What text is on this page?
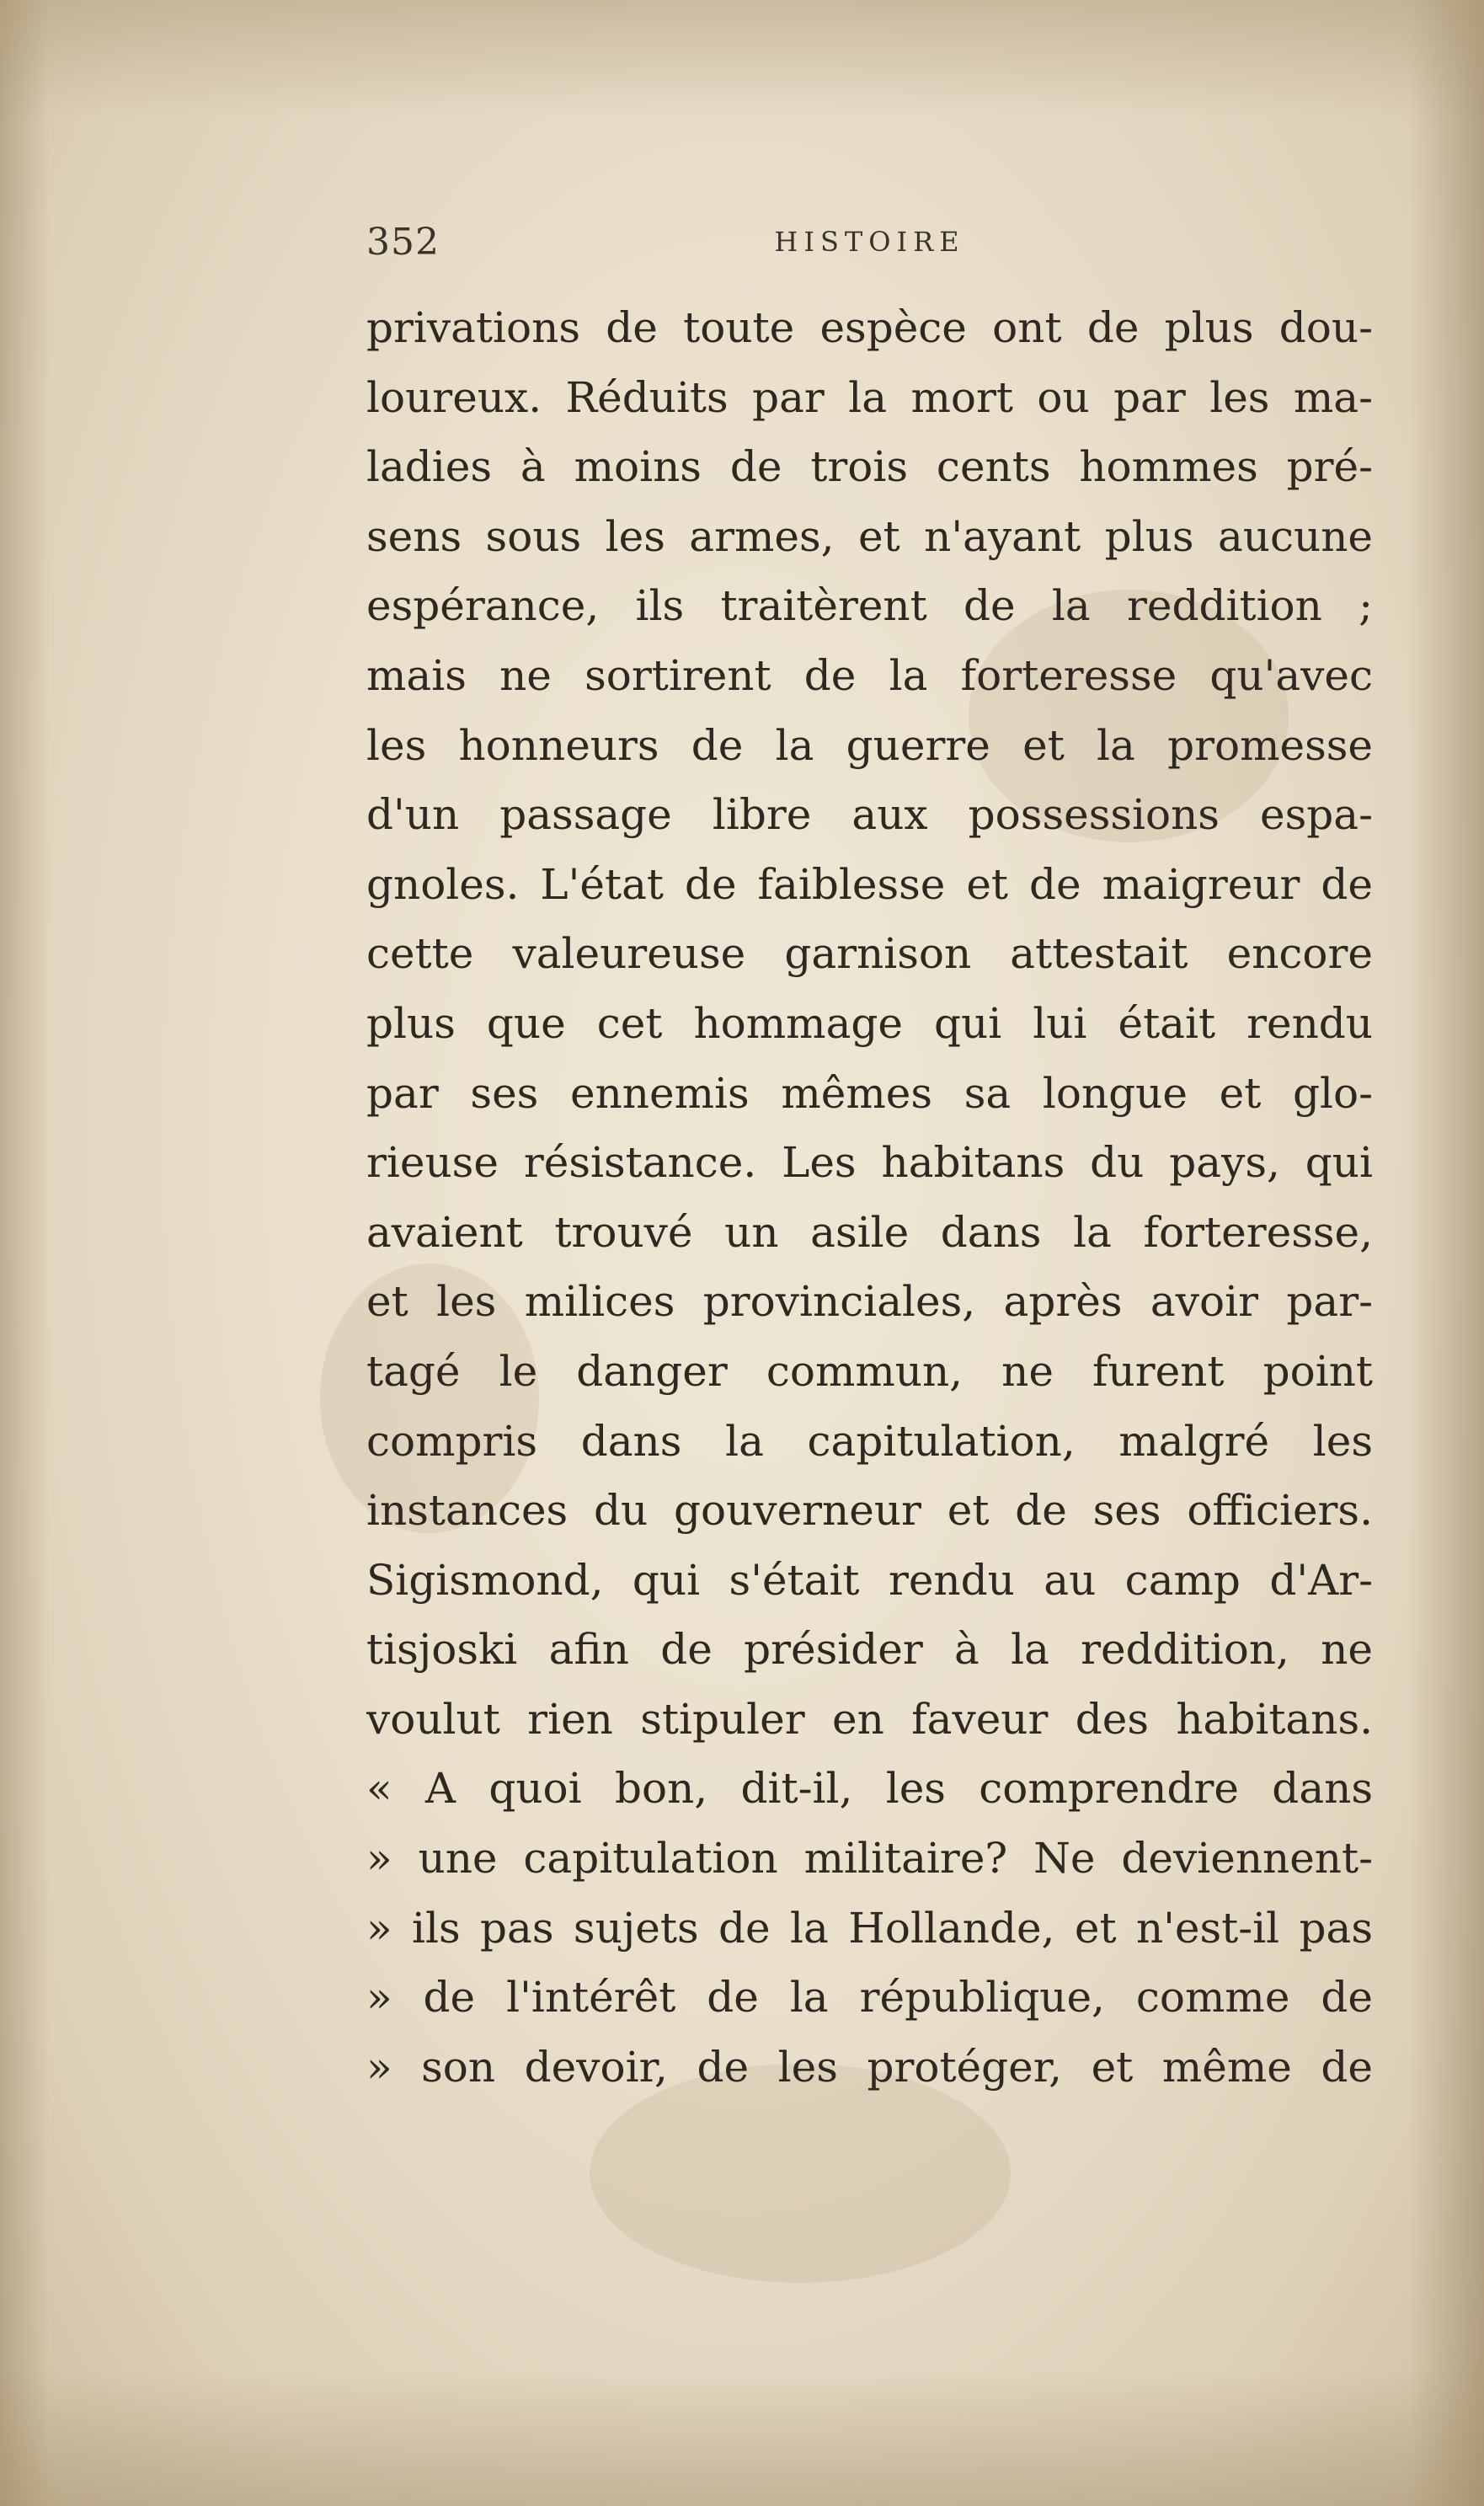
352	HISTOIRE
privations de toute espèce ont de plus dou-
loureux. Réduits par la mort ou par les ma-
ladies à moins de trois cents hommes pré-
sens sous les armes, et n'ayant plus aucune
espérance, ils traitèrent de la reddition ;
mais ne sortirent de la forteresse qu'avec
les honneurs de la guerre et la promesse
d'un passage libre aux possessions espa-
gnoles. L'état de faiblesse et de maigreur de
cette valeureuse garnison attestait encore
plus que cet hommage qui lui était rendu
par ses ennemis mêmes sa longue et glo-
rieuse résistance. Les habitans du pays, qui
avaient trouvé un asile dans la forteresse,
et les milices provinciales, après avoir par-
tagé le danger commun, ne furent point
compris dans la capitulation, malgré les
instances du gouverneur et de ses officiers.
Sigismond, qui s'était rendu au camp d'Ar-
tisjoski afin de présider à la reddition, ne
voulut rien stipuler en faveur des habitans.
« A quoi bon, dit-il, les comprendre dans
» une capitulation militaire? Ne deviennent-
» ils pas sujets de la Hollande, et n'est-il pas
» de l'intérêt de la république, comme de
» son devoir, de les protéger, et même de
